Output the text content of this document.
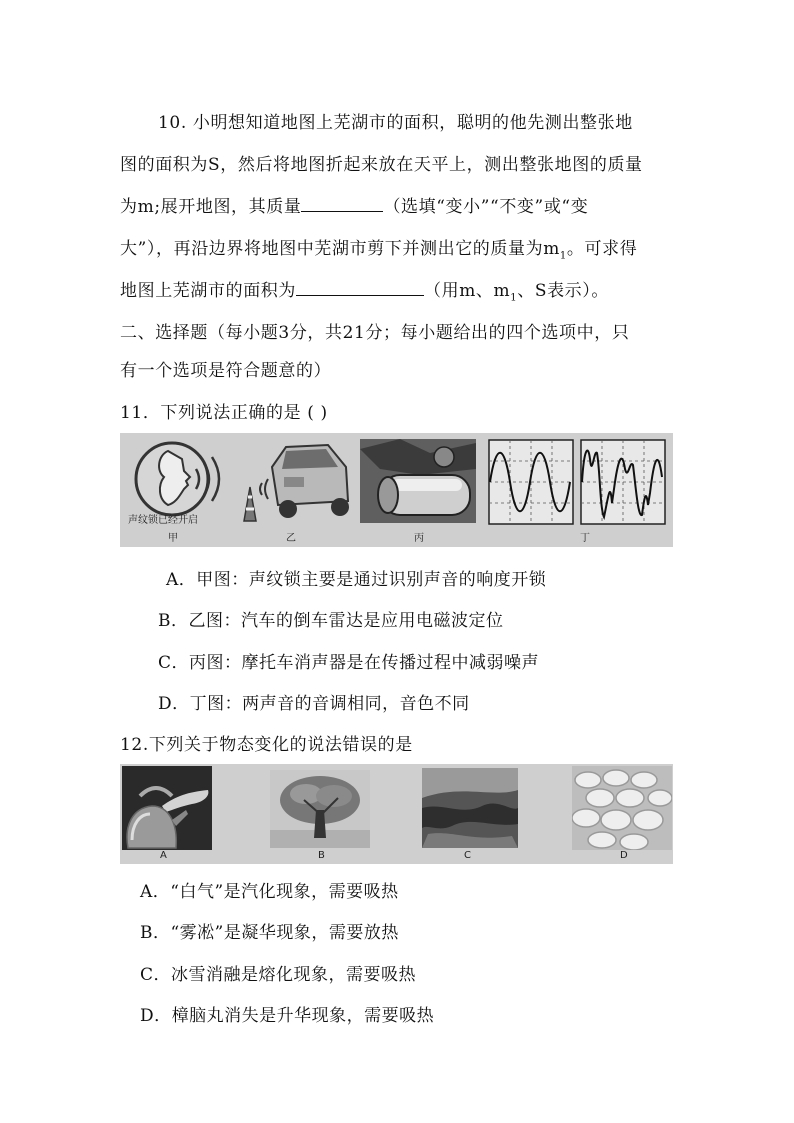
10. 小明想知道地图上芜湖市的面积，聪明的他先测出整张地
图的面积为S，然后将地图折起来放在天平上，测出整张地图的质量
为m;展开地图，其质量	（选填“变小”“不变”或“变
大”），再沿边界将地图中芜湖市剪下并测出它的质量为$m_1$。可求得
地图上芜湖市的面积为	（用m、$m_1$、S表示）。
二、选择题（每小题3分，共21分；每小题给出的四个选项中，只
有一个选项是符合题意的）
11．下列说法正确的是 ( )
声纹锁已经开启
甲	乙	丙	丁
A．甲图：声纹锁主要是通过识别声音的响度开锁
B．乙图：汽车的倒车雷达是应用电磁波定位
C．丙图：摩托车消声器是在传播过程中减弱噪声
D．丁图：两声音的音调相同，音色不同
12.下列关于物态变化的说法错误的是
A	B	C	D
A．“白气”是汽化现象，需要吸热
B．“雾凇”是凝华现象，需要放热
C．冰雪消融是熔化现象，需要吸热
D．樟脑丸消失是升华现象，需要吸热
